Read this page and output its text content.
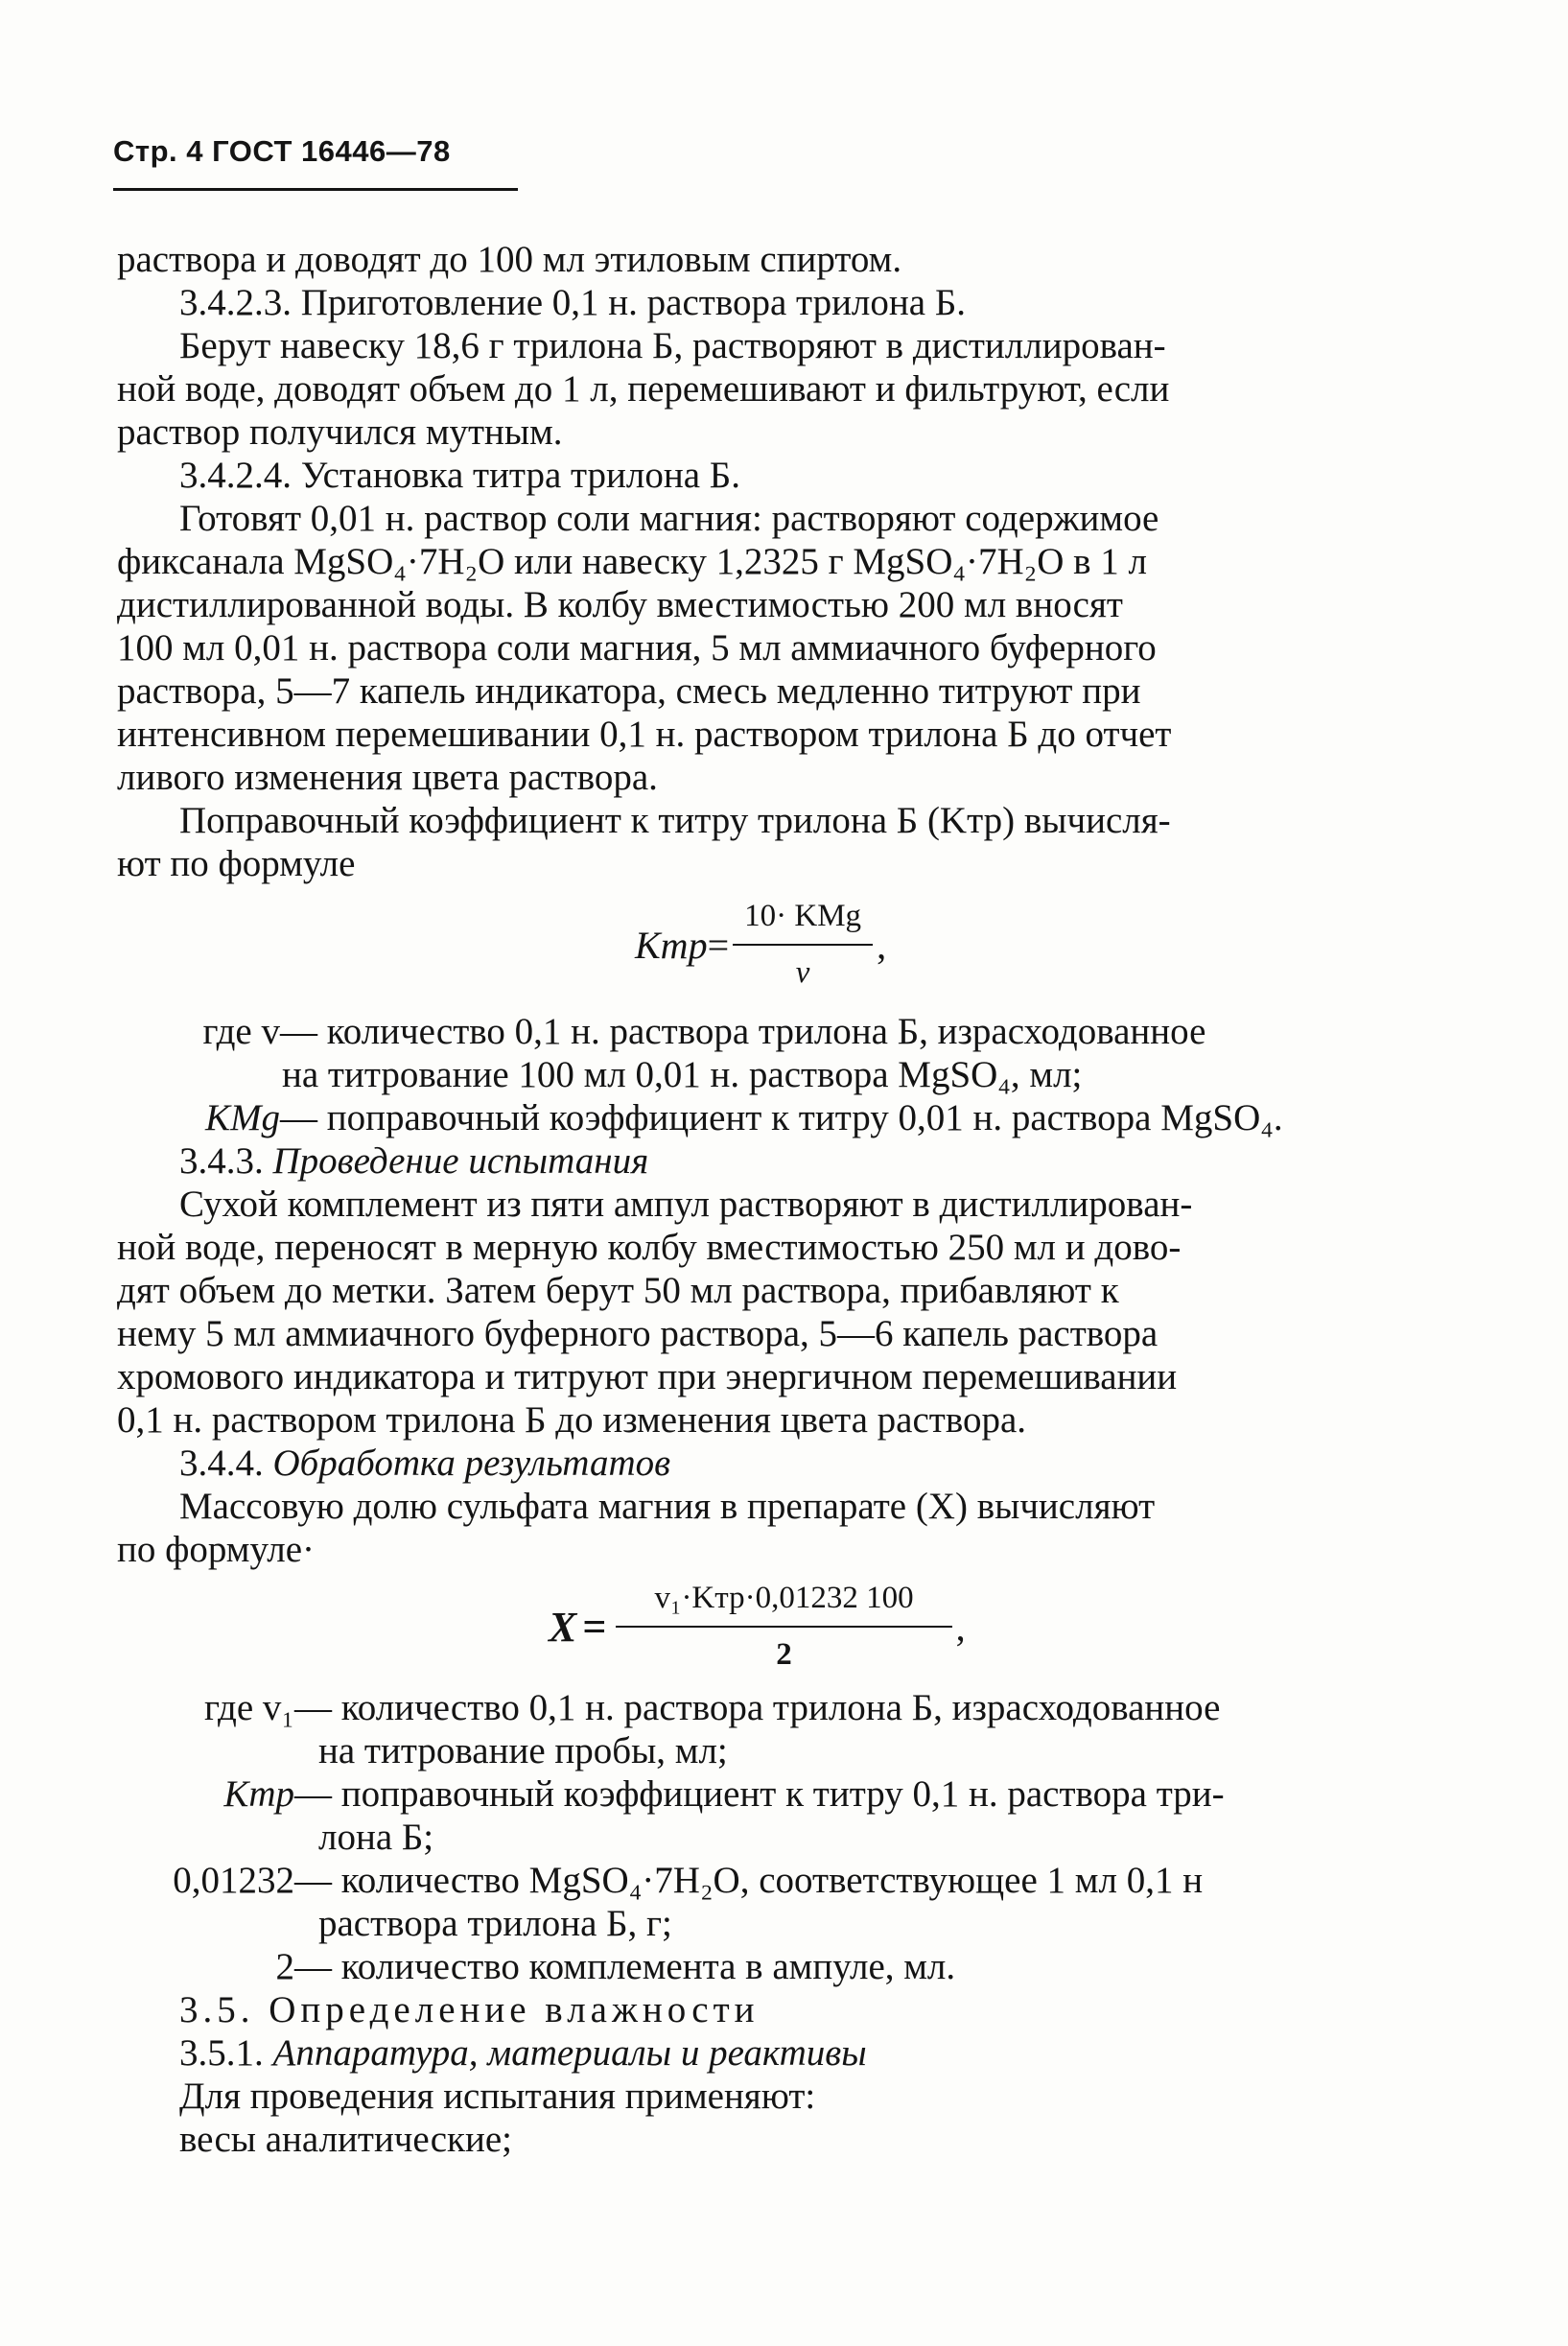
Стр. 4 ГОСТ 16446—78

раствора и доводят до 100 мл этиловым спиртом.

3.4.2.3. Приготовление 0,1 н. раствора трилона Б.

Берут навеску 18,6 г трилона Б, растворяют в дистиллирован-

ной воде, доводят объем до 1 л, перемешивают и фильтруют, если

раствор получился мутным.

3.4.2.4. Установка титра трилона Б.

Готовят 0,01 н. раствор соли магния: растворяют содержимое

фиксанала MgSO₄·7H₂O или навеску 1,2325 г MgSO₄·7H₂O в 1 л

дистиллированной воды. В колбу вместимостью 200 мл вносят

100 мл 0,01 н. раствора соли магния, 5 мл аммиачного буферного

раствора, 5—7 капель индикатора, смесь медленно титруют при

интенсивном перемешивании 0,1 н. раствором трилона Б до отчет

ливого изменения цвета раствора.

Поправочный коэффициент к титру трилона Б (Kтр) вычисля-

ют по формуле

Kтр = $\frac{\text{10· KMg}}{v}$ ,
где v — количество 0,1 н. раствора трилона Б, израсходованное

на титрование 100 мл 0,01 н. раствора MgSO₄, мл;

KMg — поправочный коэффициент к титру 0,01 н. раствора MgSO₄.

3.4.3. Проведение испытания

Сухой комплемент из пяти ампул растворяют в дистиллирован-

ной воде, переносят в мерную колбу вместимостью 250 мл и дово-

дят объем до метки. Затем берут 50 мл раствора, прибавляют к

нему 5 мл аммиачного буферного раствора, 5—6 капель раствора

хромового индикатора и титруют при энергичном перемешивании

0,1 н. раствором трилона Б до изменения цвета раствора.

3.4.4. Обработка результатов

Массовую долю сульфата магния в препарате (X) вычисляют

по формуле·

$X = \frac{\text{v₁·Kтр·0,01232 100}}{2}$ ,
где v₁ — количество 0,1 н. раствора трилона Б, израсходованное

на титрование пробы, мл;

Kтр — поправочный коэффициент к титру 0,1 н. раствора три-

лона Б;

0,01232 — количество MgSO₄·7H₂O, соответствующее 1 мл 0,1 н

раствора трилона Б, г;

2 — количество комплемента в ампуле, мл.

3.5. Определение влажности

3.5.1. Аппаратура, материалы и реактивы

Для проведения испытания применяют:

весы аналитические;
